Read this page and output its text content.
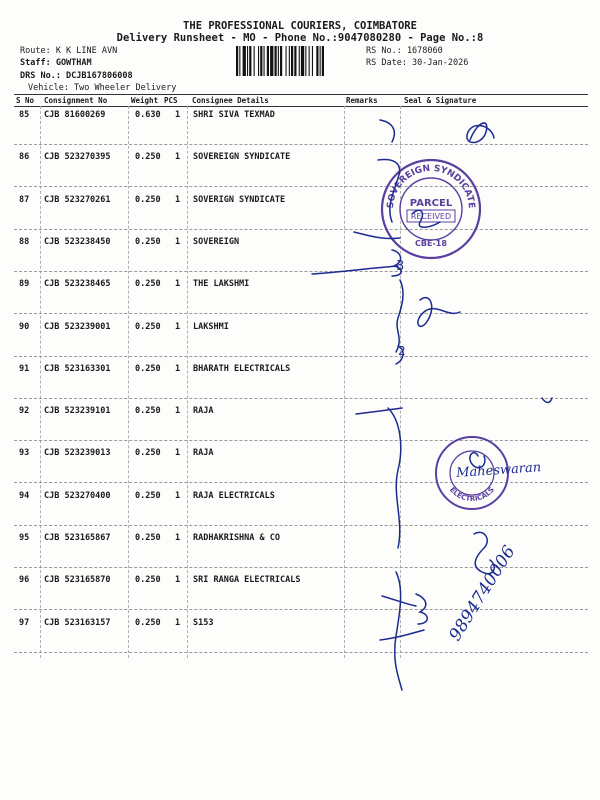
THE PROFESSIONAL COURIERS, COIMBATORE
Delivery Runsheet - MO - Phone No.:9047080280 - Page No.:8
Route: K K LINE AVN
Staff: GOWTHAM
DRS No.: DCJB167806008
Vehicle: Two Wheeler Delivery
RS No.: 1678060
RS Date: 30-Jan-2026
S No Consignment No	Weight PCS Consignee Details	Remarks	Seal & Signature
85 CJB 81600269	0.630 1 SHRI SIVA TEXMAD
86 CJB 523270395	0.250 1 SOVEREIGN SYNDICATE
87 CJB 523270261	0.250 1 SOVERIGN SYNDICATE
88 CJB 523238450	0.250 1 SOVEREIGN
89 CJB 523238465	0.250 1 THE LAKSHMI
90 CJB 523239001	0.250 1 LAKSHMI
91 CJB 523163301	0.250 1 BHARATH ELECTRICALS
92 CJB 523239101	0.250 1 RAJA
93 CJB 523239013	0.250 1 RAJA
94 CJB 523270400	0.250 1 RAJA ELECTRICALS
95 CJB 523165867	0.250 1 RADHAKRISHNA & CO
96 CJB 523165870	0.250 1 SRI RANGA ELECTRICALS
97 CJB 523163157	0.250 1 S153
SOVEREIGN SYNDICATE
PARCEL
RECEIVED
CBE-18
ELECTRICALS
2
3
Maheswaran
9894740006
